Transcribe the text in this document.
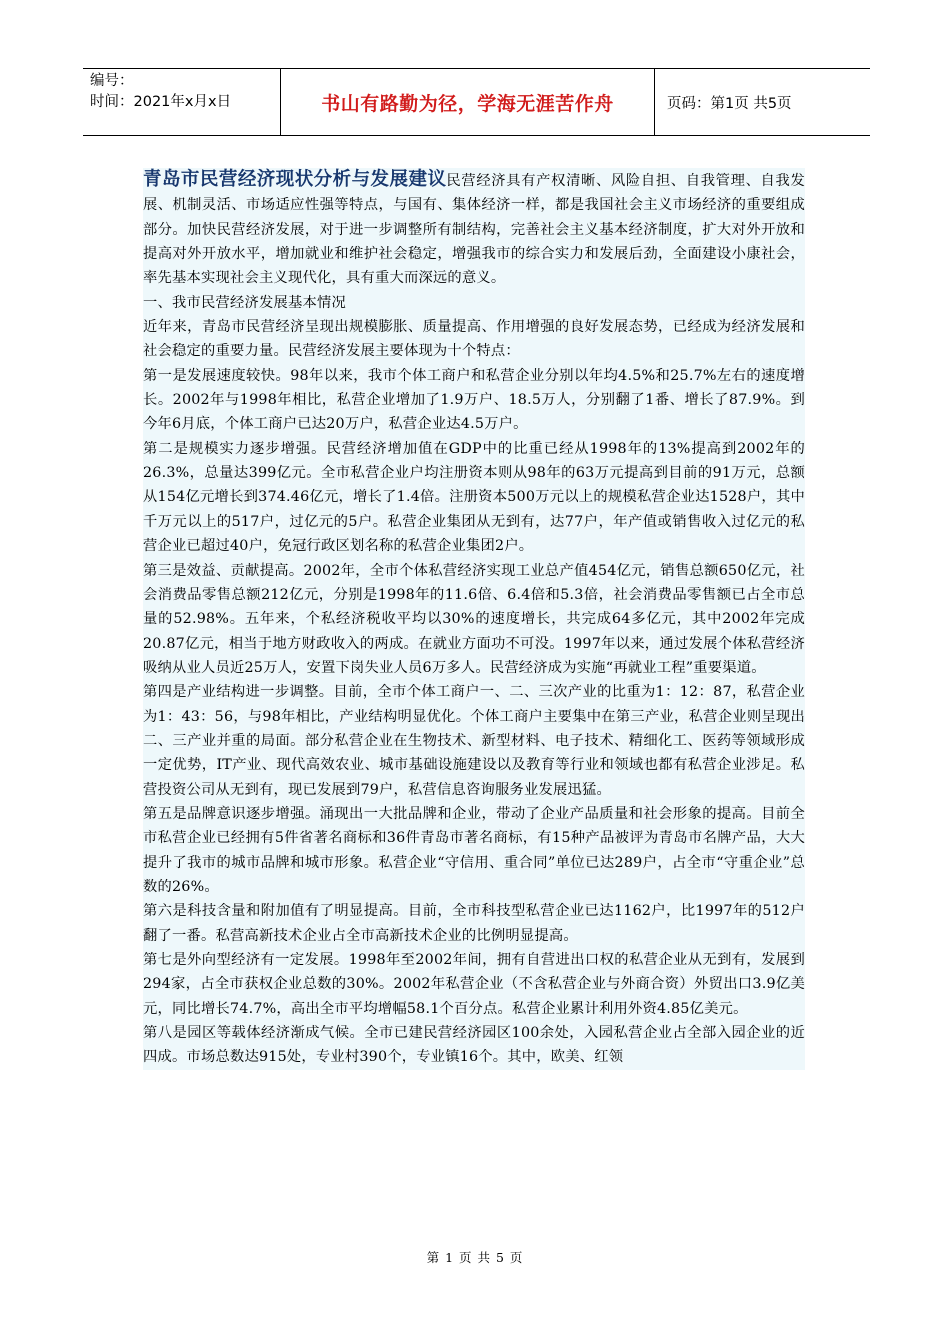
编号：
时间：2021年x月x日	书山有路勤为径，学海无涯苦作舟	页码：第1页 共5页

青岛市民营经济现状分析与发展建议民营经济具有产权清晰、风险自担、自我管理、自我发展、机制灵活、市场适应性强等特点，与国有、集体经济一样，都是我国社会主义市场经济的重要组成部分。加快民营经济发展，对于进一步调整所有制结构，完善社会主义基本经济制度，扩大对外开放和提高对外开放水平，增加就业和维护社会稳定，增强我市的综合实力和发展后劲，全面建设小康社会，率先基本实现社会主义现代化，具有重大而深远的意义。

一、我市民营经济发展基本情况

近年来，青岛市民营经济呈现出规模膨胀、质量提高、作用增强的良好发展态势，已经成为经济发展和社会稳定的重要力量。民营经济发展主要体现为十个特点：

第一是发展速度较快。98年以来，我市个体工商户和私营企业分别以年均4.5%和25.7%左右的速度增长。2002年与1998年相比，私营企业增加了1.9万户、18.5万人，分别翻了1番、增长了87.9%。到今年6月底，个体工商户已达20万户，私营企业达4.5万户。

第二是规模实力逐步增强。民营经济增加值在GDP中的比重已经从1998年的13%提高到2002年的26.3%，总量达399亿元。全市私营企业户均注册资本则从98年的63万元提高到目前的91万元，总额从154亿元增长到374.46亿元，增长了1.4倍。注册资本500万元以上的规模私营企业达1528户，其中千万元以上的517户，过亿元的5户。私营企业集团从无到有，达77户，年产值或销售收入过亿元的私营企业已超过40户，免冠行政区划名称的私营企业集团2户。

第三是效益、贡献提高。2002年，全市个体私营经济实现工业总产值454亿元，销售总额650亿元，社会消费品零售总额212亿元，分别是1998年的11.6倍、6.4倍和5.3倍，社会消费品零售额已占全市总量的52.98%。五年来，个私经济税收平均以30%的速度增长，共完成64多亿元，其中2002年完成20.87亿元，相当于地方财政收入的两成。在就业方面功不可没。1997年以来，通过发展个体私营经济吸纳从业人员近25万人，安置下岗失业人员6万多人。民营经济成为实施“再就业工程”重要渠道。

第四是产业结构进一步调整。目前，全市个体工商户一、二、三次产业的比重为1：12：87，私营企业为1：43：56，与98年相比，产业结构明显优化。个体工商户主要集中在第三产业，私营企业则呈现出二、三产业并重的局面。部分私营企业在生物技术、新型材料、电子技术、精细化工、医药等领域形成一定优势，IT产业、现代高效农业、城市基础设施建设以及教育等行业和领域也都有私营企业涉足。私营投资公司从无到有，现已发展到79户，私营信息咨询服务业发展迅猛。

第五是品牌意识逐步增强。涌现出一大批品牌和企业，带动了企业产品质量和社会形象的提高。目前全市私营企业已经拥有5件省著名商标和36件青岛市著名商标，有15种产品被评为青岛市名牌产品，大大提升了我市的城市品牌和城市形象。私营企业“守信用、重合同”单位已达289户，占全市“守重企业”总数的26%。

第六是科技含量和附加值有了明显提高。目前，全市科技型私营企业已达1162户，比1997年的512户翻了一番。私营高新技术企业占全市高新技术企业的比例明显提高。

第七是外向型经济有一定发展。1998年至2002年间，拥有自营进出口权的私营企业从无到有，发展到294家，占全市获权企业总数的30%。2002年私营企业（不含私营企业与外商合资）外贸出口3.9亿美元，同比增长74.7%，高出全市平均增幅58.1个百分点。私营企业累计利用外资4.85亿美元。

第八是园区等载体经济渐成气候。全市已建民营经济园区100余处，入园私营企业占全部入园企业的近四成。市场总数达915处，专业村390个，专业镇16个。其中，欧美、红领

第 1 页 共 5 页
